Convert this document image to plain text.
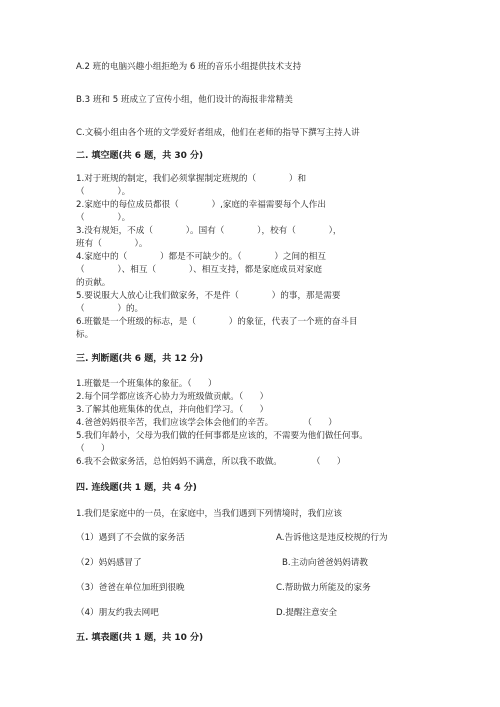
A.2 班的电脑兴趣小组拒绝为 6 班的音乐小组提供技术支持
B.3 班和 5 班成立了宣传小组，他们设计的海报非常精美
C.文稿小组由各个班的文学爱好者组成，他们在老师的指导下撰写主持人讲
二. 填空题(共 6 题，共 30 分)
1.对于班规的制定，我们必须掌握制定班规的（            ）和
（            ）。
2.家庭中的每位成员都很（            ）,家庭的幸福需要每个人作出
（            ）。
3.没有规矩，不成（            ）。国有（            ），校有（            ），
班有（            ）。
4.家庭中的（            ）都是不可缺少的。（            ）之间的相互
（            ）、相互（            ）、相互支持，都是家庭成员对家庭
的贡献。
5.要说服大人放心让我们做家务，不是件（            ）的事，那是需要
（            ）的。
6.班徽是一个班级的标志，是（            ）的象征，代表了一个班的奋斗目
标。
三. 判断题(共 6 题，共 12 分)
1.班徽是一个班集体的象征。（      ）
2.每个同学都应该齐心协力为班级做贡献。（      ）
3.了解其他班集体的优点，并向他们学习。（      ）
4.爸爸妈妈很辛苦，我们应该学会体会他们的辛苦。           （      ）
5.我们年龄小，父母为我们做的任何事都是应该的，不需要为他们做任何事。
（      ）
6.我不会做家务活，总怕妈妈不满意，所以我不敢做。           （      ）
四. 连线题(共 1 题，共 4 分)
1.我们是家庭中的一员，在家庭中，当我们遇到下列情境时，我们应该
（1）遇到了不会做的家务活	A.告诉他这是违反校规的行为
（2）妈妈感冒了	B.主动向爸爸妈妈请教
（3）爸爸在单位加班到很晚	C.帮助做力所能及的家务
（4）朋友约我去网吧	D.提醒注意安全
五. 填表题(共 1 题，共 10 分)
